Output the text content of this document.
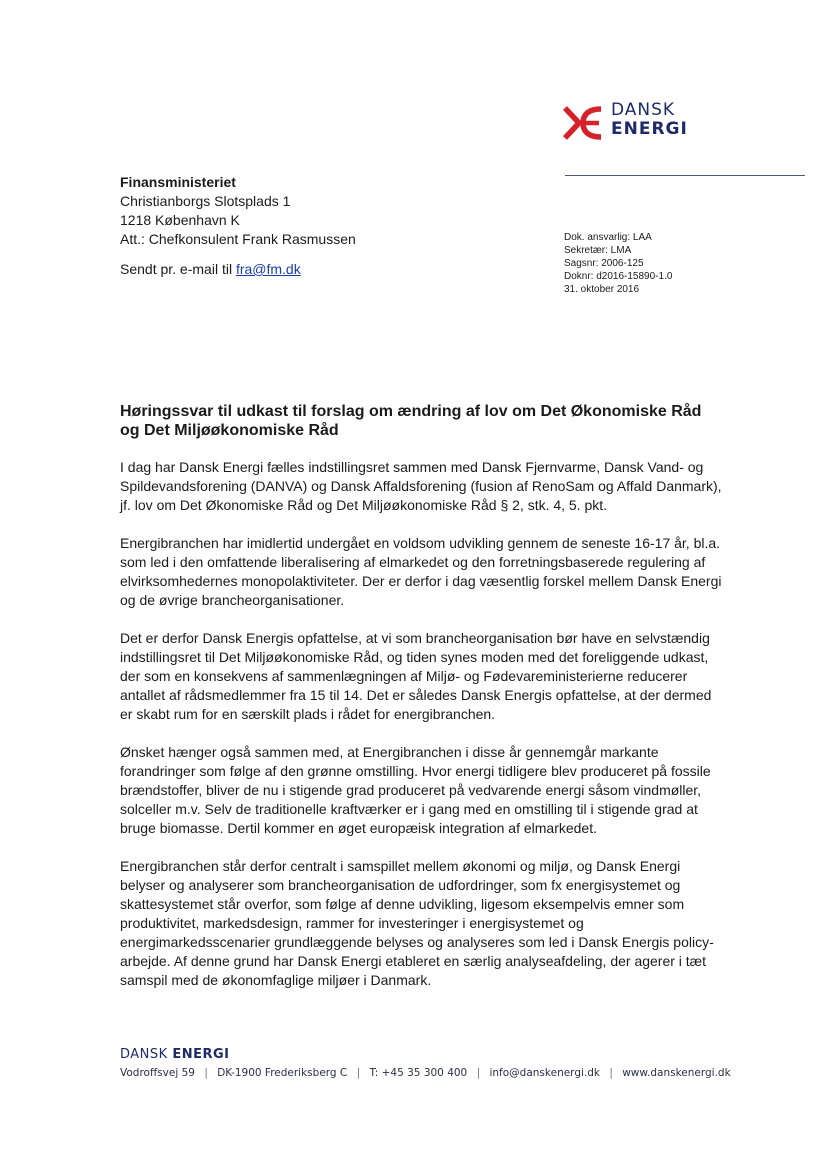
DANSK
ENERGI
Finansministeriet
Christianborgs Slotsplads 1
1218 København K
Att.: Chefkonsulent Frank Rasmussen
Sendt pr. e-mail til fra@fm.dk
Dok. ansvarlig: LAA
Sekretær: LMA
Sagsnr: 2006-125
Doknr: d2016-15890-1.0
31. oktober 2016
Høringssvar til udkast til forslag om ændring af lov om Det Økonomiske Råd og Det Miljøøkonomiske Råd

I dag har Dansk Energi fælles indstillingsret sammen med Dansk Fjernvarme, Dansk Vand- og Spildevandsforening (DANVA) og Dansk Affaldsforening (fusion af RenoSam og Affald Danmark), jf. lov om Det Økonomiske Råd og Det Miljøøkonomiske Råd § 2, stk. 4, 5. pkt.

Energibranchen har imidlertid undergået en voldsom udvikling gennem de seneste 16-17 år, bl.a. som led i den omfattende liberalisering af elmarkedet og den forretningsbaserede regulering af elvirksomhedernes monopolaktiviteter. Der er derfor i dag væsentlig forskel mellem Dansk Energi og de øvrige brancheorganisationer.

Det er derfor Dansk Energis opfattelse, at vi som brancheorganisation bør have en selvstændig indstillingsret til Det Miljøøkonomiske Råd, og tiden synes moden med det foreliggende udkast, der som en konsekvens af sammenlægningen af Miljø- og Fødevareministerierne reducerer antallet af rådsmedlemmer fra 15 til 14. Det er således Dansk Energis opfattelse, at der dermed er skabt rum for en særskilt plads i rådet for energibranchen.

Ønsket hænger også sammen med, at Energibranchen i disse år gennemgår markante forandringer som følge af den grønne omstilling. Hvor energi tidligere blev produceret på fossile brændstoffer, bliver de nu i stigende grad produceret på vedvarende energi såsom vindmøller, solceller m.v. Selv de traditionelle kraftværker er i gang med en omstilling til i stigende grad at bruge biomasse. Dertil kommer en øget europæisk integration af elmarkedet.

Energibranchen står derfor centralt i samspillet mellem økonomi og miljø, og Dansk Energi belyser og analyserer som brancheorganisation de udfordringer, som fx energisystemet og skattesystemet står overfor, som følge af denne udvikling, ligesom eksempelvis emner som produktivitet, markedsdesign, rammer for investeringer i energisystemet og energimarkedsscenarier grundlæggende belyses og analyseres som led i Dansk Energis policy-arbejde. Af denne grund har Dansk Energi etableret en særlig analyseafdeling, der agerer i tæt samspil med de økonomfaglige miljøer i Danmark.

DANSK ENERGI
Vodroffsvej 59 | DK-1900 Frederiksberg C | T: +45 35 300 400 | info@danskenergi.dk | www.danskenergi.dk
